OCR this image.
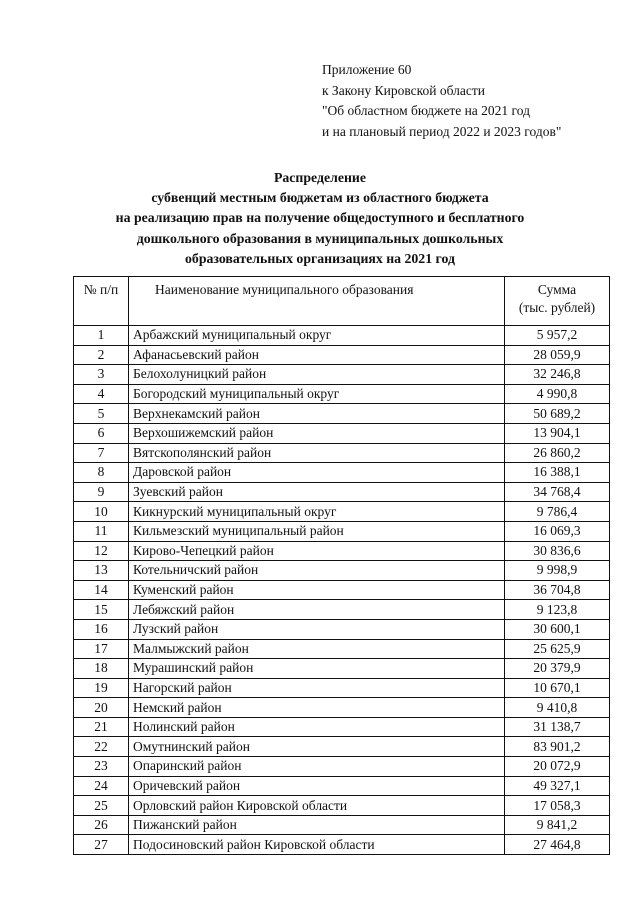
Приложение 60
к Закону Кировской области
"Об областном бюджете на 2021 год
и на плановый период 2022 и 2023 годов"
Распределение
субвенций местным бюджетам из областного бюджета
на реализацию прав на получение общедоступного и бесплатного
дошкольного образования в муниципальных дошкольных
образовательных организациях на 2021 год
№ п/п	Наименование муниципального образования	Сумма
(тыс. рублей)

1	Арбажский муниципальный округ	5 957,2
2	Афанасьевский район	28 059,9
3	Белохолуницкий район	32 246,8
4	Богородский муниципальный округ	4 990,8
5	Верхнекамский район	50 689,2
6	Верхошижемский район	13 904,1
7	Вятскополянский район	26 860,2
8	Даровской район	16 388,1
9	Зуевский район	34 768,4
10	Кикнурский муниципальный округ	9 786,4
11	Кильмезский муниципальный район	16 069,3
12	Кирово-Чепецкий район	30 836,6
13	Котельничский район	9 998,9
14	Куменский район	36 704,8
15	Лебяжский район	9 123,8
16	Лузский район	30 600,1
17	Малмыжский район	25 625,9
18	Мурашинский район	20 379,9
19	Нагорский район	10 670,1
20	Немский район	9 410,8
21	Нолинский район	31 138,7
22	Омутнинский район	83 901,2
23	Опаринский район	20 072,9
24	Оричевский район	49 327,1
25	Орловский район Кировской области	17 058,3
26	Пижанский район	9 841,2
27	Подосиновский район Кировской области	27 464,8
